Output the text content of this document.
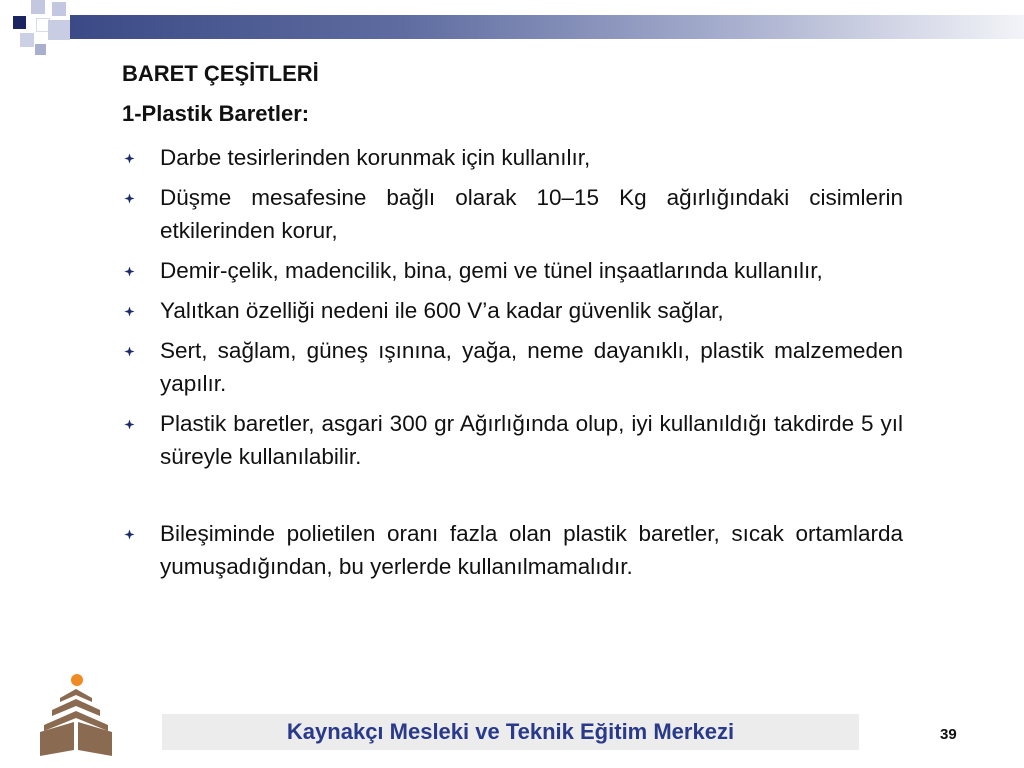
BARET ÇEŞİTLERİ
1-Plastik Baretler:
Darbe tesirlerinden korunmak için kullanılır,
Düşme mesafesine bağlı olarak 10–15 Kg ağırlığındaki cisimlerin etkilerinden korur,
Demir-çelik, madencilik, bina, gemi ve tünel inşaatlarında kullanılır,
Yalıtkan özelliği nedeni ile 600 V’a kadar güvenlik sağlar,
Sert, sağlam, güneş ışınına, yağa, neme dayanıklı, plastik malzemeden yapılır.
Plastik baretler, asgari 300 gr Ağırlığında olup, iyi kullanıldığı takdirde 5 yıl süreyle kullanılabilir.
Bileşiminde polietilen oranı fazla olan plastik baretler, sıcak ortamlarda yumuşadığından, bu yerlerde kullanılmamalıdır.
Kaynakçı Mesleki ve Teknik Eğitim Merkezi	39
